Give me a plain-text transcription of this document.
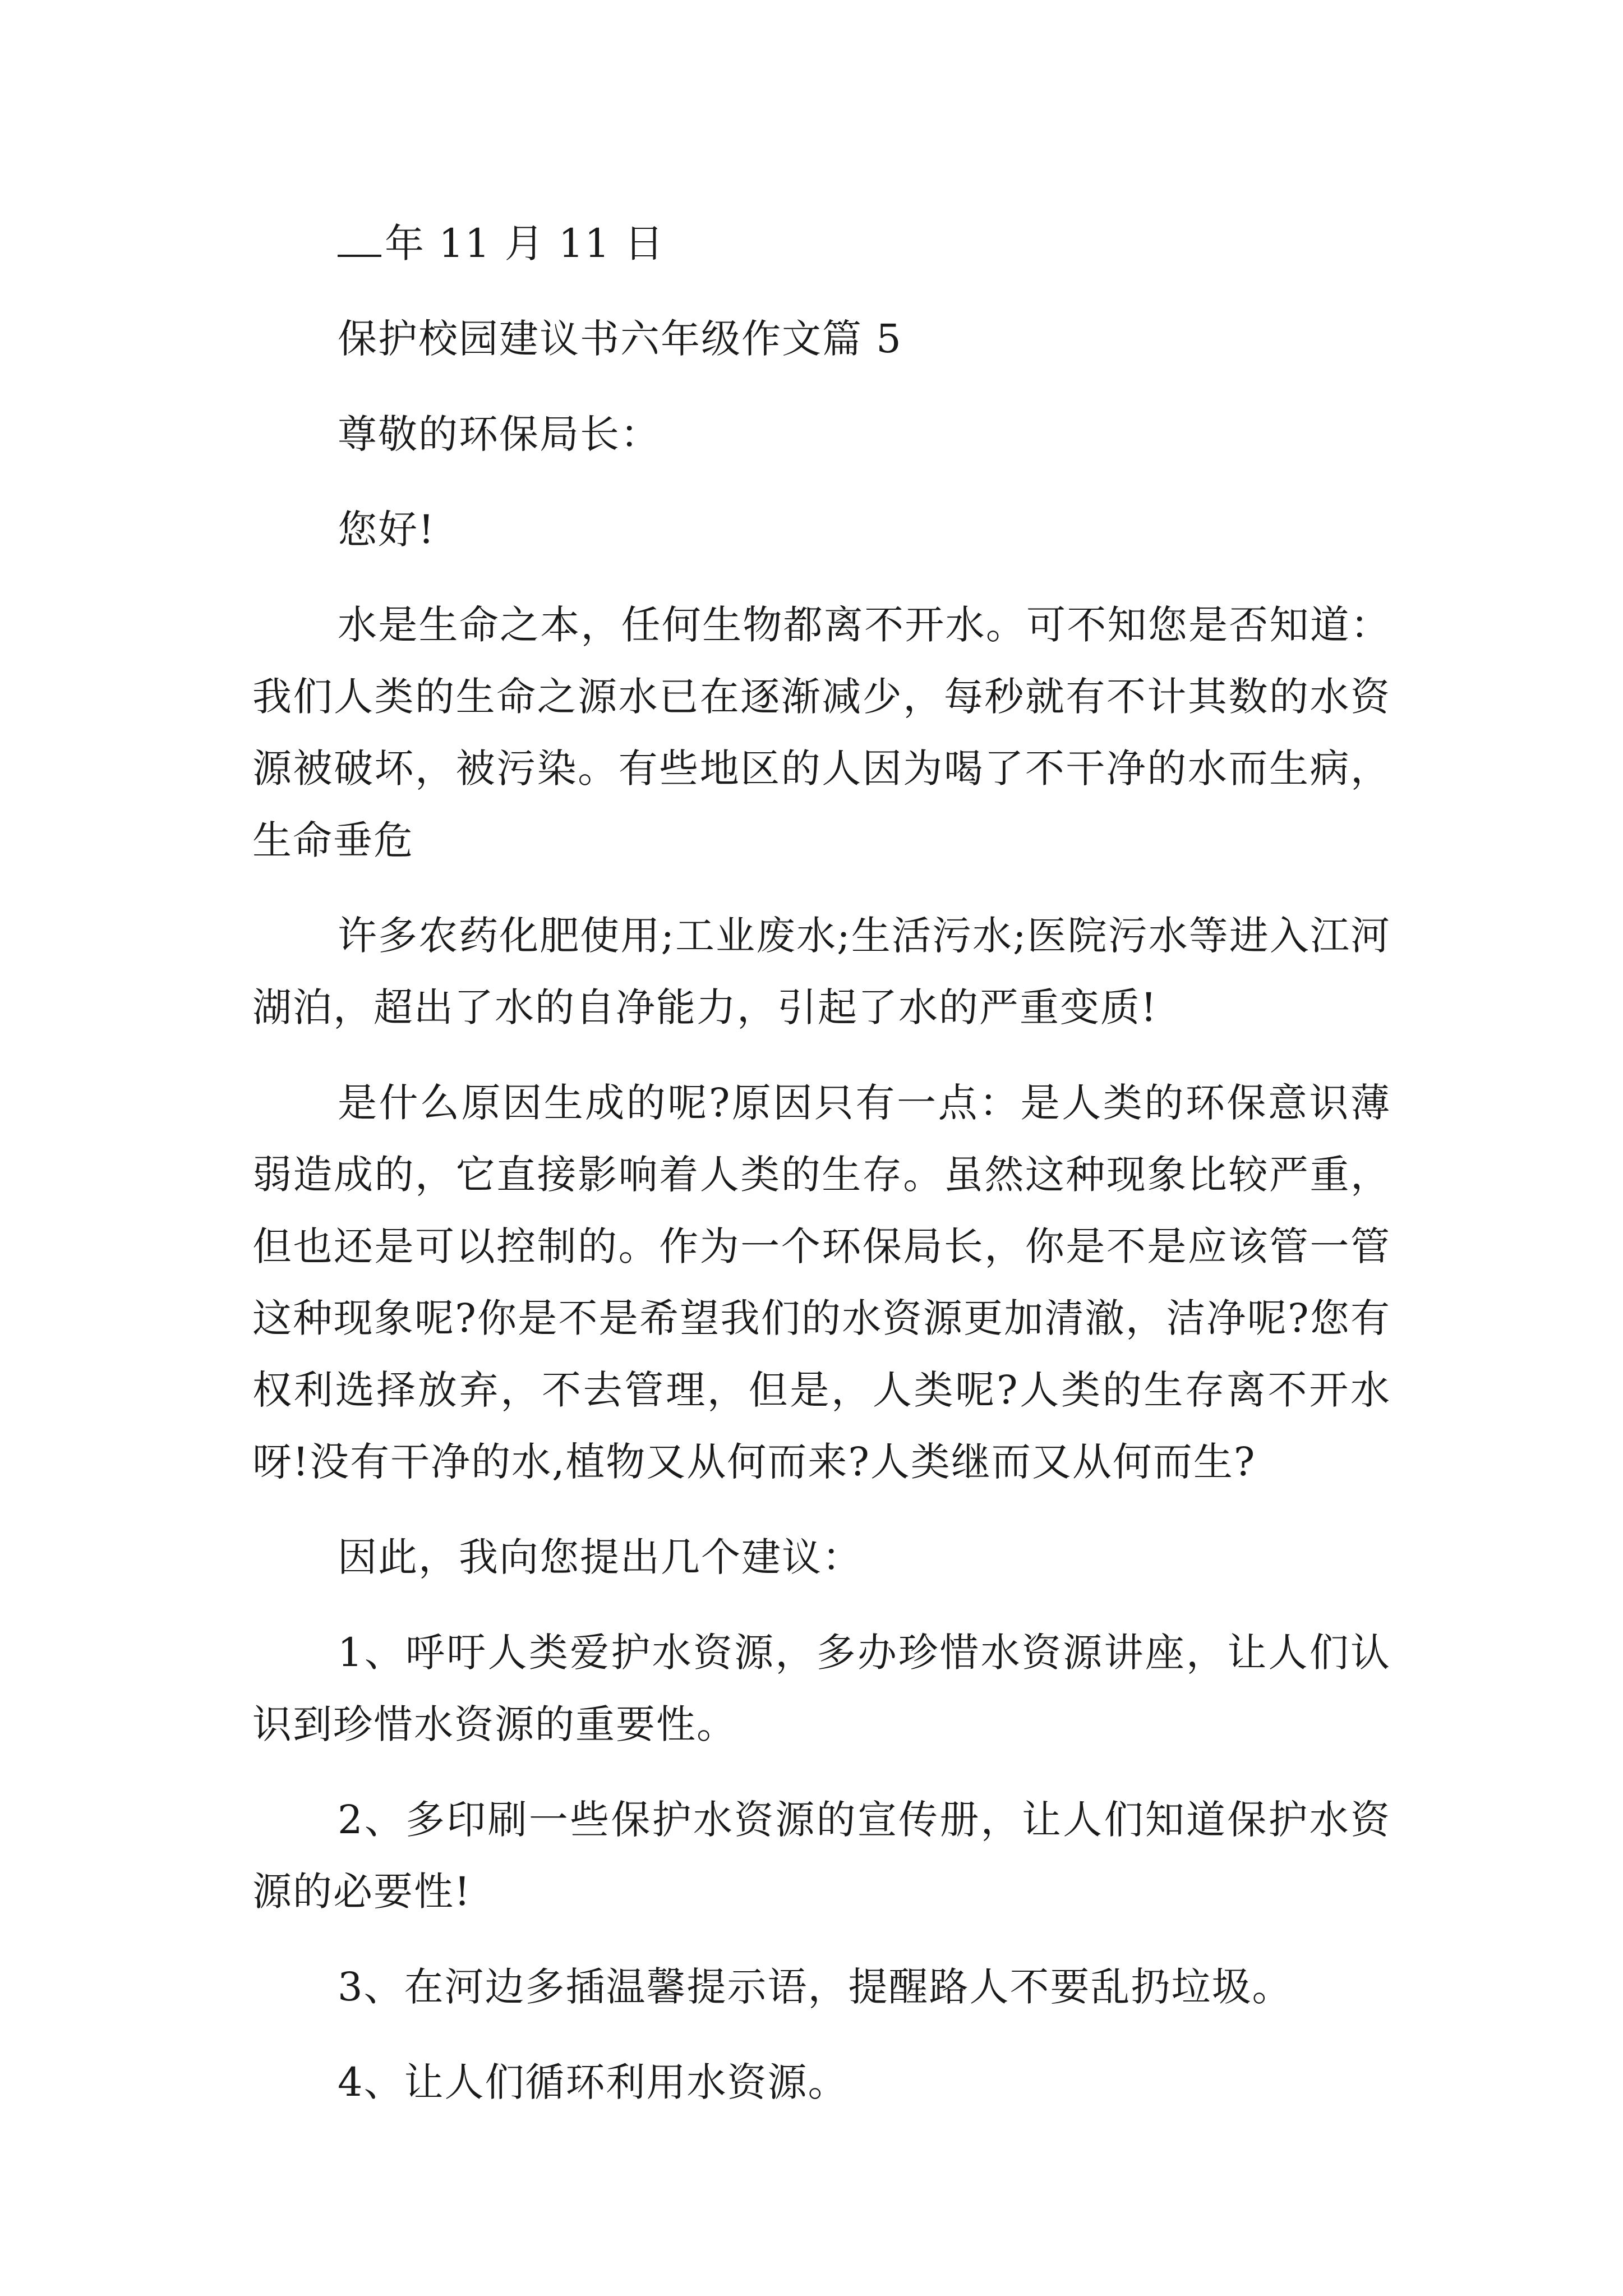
年 11 月 11 日

保护校园建议书六年级作文篇 5

尊敬的环保局长：

您好!

水是生命之本，任何生物都离不开水。可不知您是否知道：我们人类的生命之源水已在逐渐减少，每秒就有不计其数的水资源被破坏，被污染。有些地区的人因为喝了不干净的水而生病，生命垂危

许多农药化肥使用;工业废水;生活污水;医院污水等进入江河湖泊，超出了水的自净能力，引起了水的严重变质!

是什么原因生成的呢?原因只有一点：是人类的环保意识薄弱造成的，它直接影响着人类的生存。虽然这种现象比较严重，但也还是可以控制的。作为一个环保局长，你是不是应该管一管这种现象呢?你是不是希望我们的水资源更加清澈，洁净呢?您有权利选择放弃，不去管理，但是，人类呢?人类的生存离不开水呀!没有干净的水,植物又从何而来?人类继而又从何而生?

因此，我向您提出几个建议：

1、呼吁人类爱护水资源，多办珍惜水资源讲座，让人们认识到珍惜水资源的重要性。

2、多印刷一些保护水资源的宣传册，让人们知道保护水资源的必要性!

3、在河边多插温馨提示语，提醒路人不要乱扔垃圾。

4、让人们循环利用水资源。
